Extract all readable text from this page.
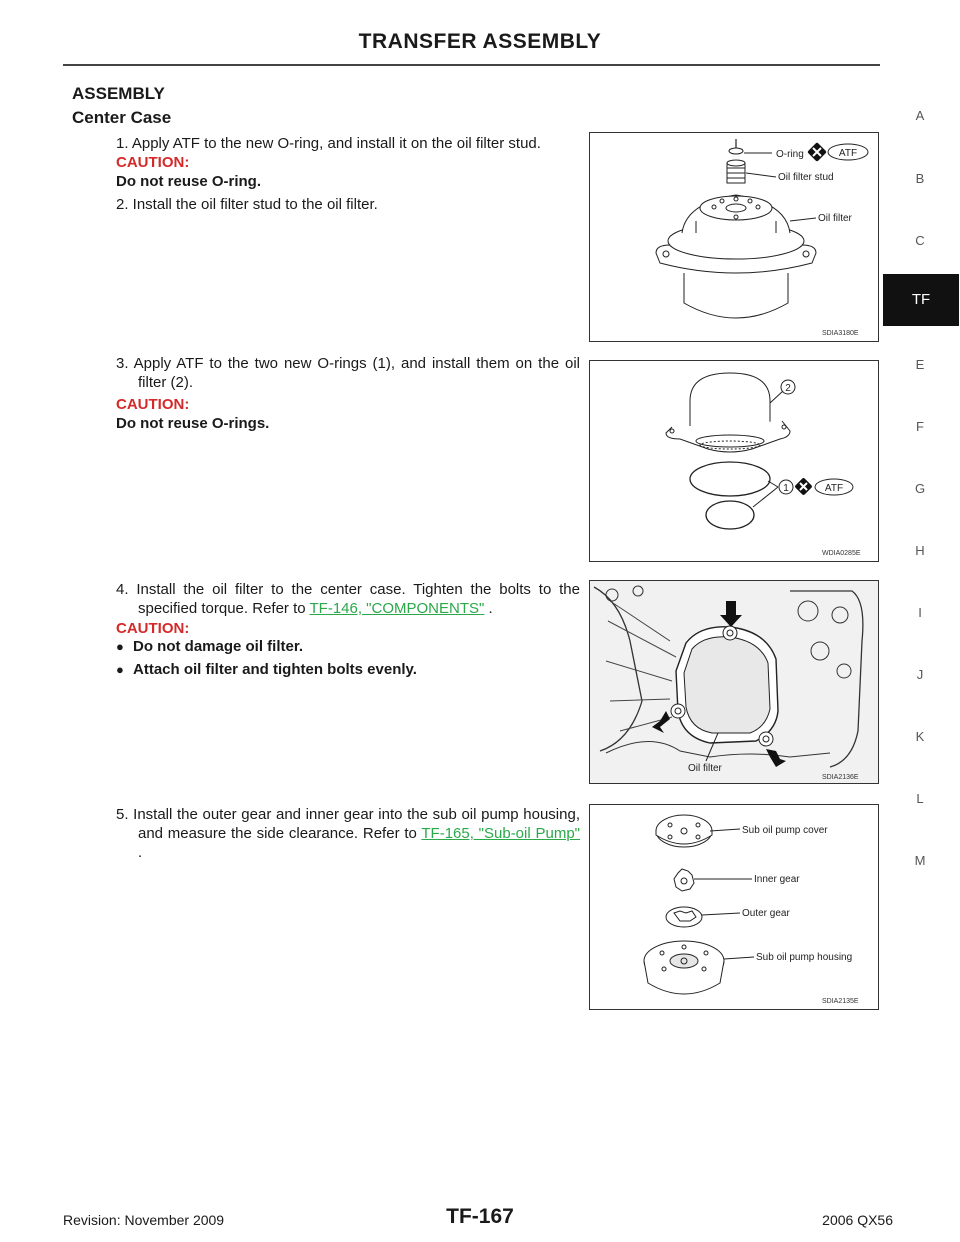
TRANSFER ASSEMBLY
ASSEMBLY
Center Case
1. Apply ATF to the new O-ring, and install it on the oil filter stud.
CAUTION:
Do not reuse O-ring.
2. Install the oil filter stud to the oil filter.
3. Apply ATF to the two new O-rings (1), and install them on the oil filter (2).
CAUTION:
Do not reuse O-rings.
4. Install the oil filter to the center case. Tighten the bolts to the specified torque. Refer to TF-146, "COMPONENTS" .
CAUTION:
● Do not damage oil filter.
● Attach oil filter and tighten bolts evenly.
5. Install the outer gear and inner gear into the sub oil pump housing, and measure the side clearance. Refer to TF-165, "Sub-oil Pump" .
O-ring	ATF
Oil filter stud
Oil filter
SDIA3180E
2
1	ATF
WDIA0285E
Oil filter
SDIA2136E
Sub oil pump cover
Inner gear
Outer gear
Sub oil pump housing
SDIA2135E
A
B
C
TF
E
F
G
H
I
J
K
L
M
Revision: November 2009	TF-167	2006 QX56
